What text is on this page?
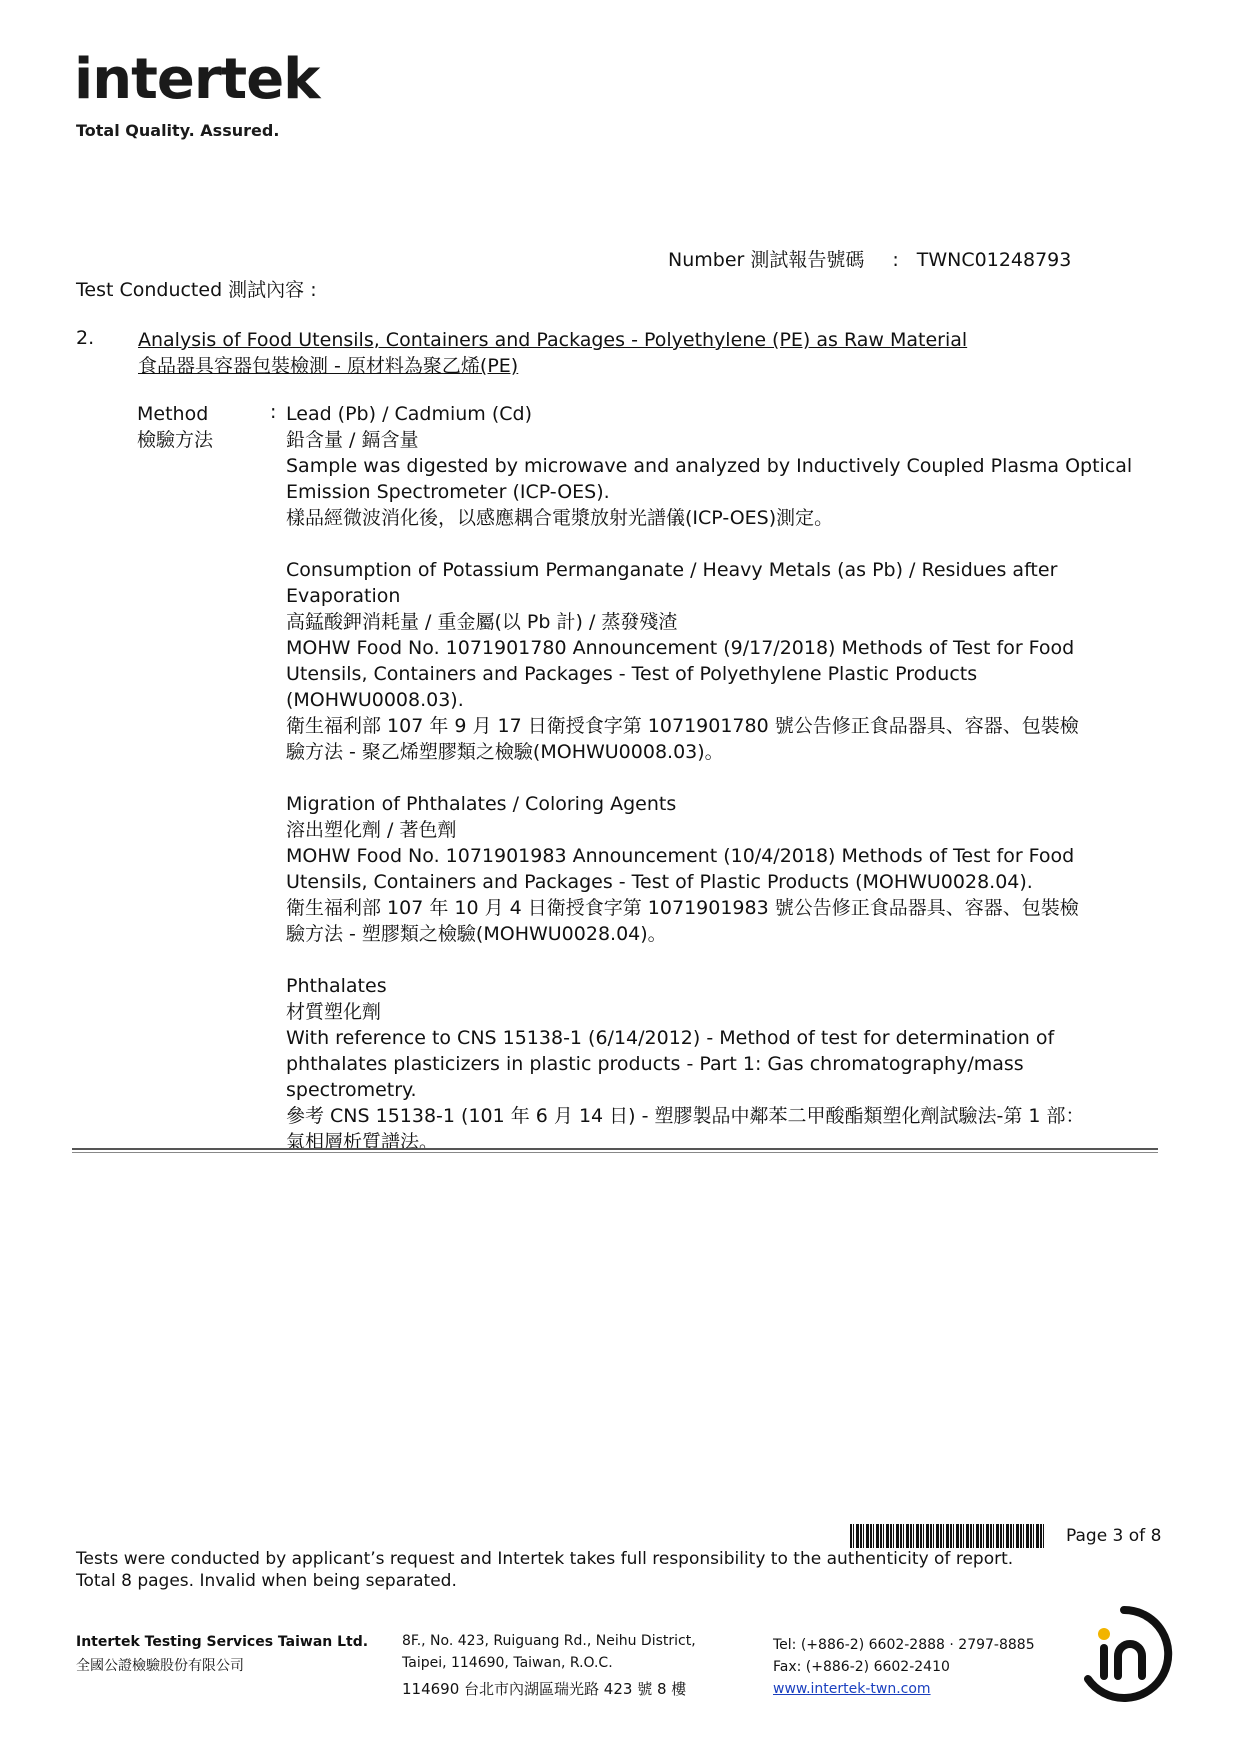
intertek
Total Quality. Assured.
Number 測試報告號碼 : TWNC01248793
Test Conducted 測試內容 :
2. Analysis of Food Utensils, Containers and Packages - Polyethylene (PE) as Raw Material
食品器具容器包裝檢測 - 原材料為聚乙烯(PE)
Method
檢驗方法
: Lead (Pb) / Cadmium (Cd)
鉛含量 / 鎘含量
Sample was digested by microwave and analyzed by Inductively Coupled Plasma Optical
Emission Spectrometer (ICP-OES).
樣品經微波消化後，以感應耦合電漿放射光譜儀(ICP-OES)測定。

Consumption of Potassium Permanganate / Heavy Metals (as Pb) / Residues after
Evaporation
高錳酸鉀消耗量 / 重金屬(以 Pb 計) / 蒸發殘渣
MOHW Food No. 1071901780 Announcement (9/17/2018) Methods of Test for Food
Utensils, Containers and Packages - Test of Polyethylene Plastic Products
(MOHWU0008.03).
衛生福利部 107 年 9 月 17 日衛授食字第 1071901780 號公告修正食品器具、容器、包裝檢
驗方法 - 聚乙烯塑膠類之檢驗(MOHWU0008.03)。

Migration of Phthalates / Coloring Agents
溶出塑化劑 / 著色劑
MOHW Food No. 1071901983 Announcement (10/4/2018) Methods of Test for Food
Utensils, Containers and Packages - Test of Plastic Products (MOHWU0028.04).
衛生福利部 107 年 10 月 4 日衛授食字第 1071901983 號公告修正食品器具、容器、包裝檢
驗方法 - 塑膠類之檢驗(MOHWU0028.04)。

Phthalates
材質塑化劑
With reference to CNS 15138-1 (6/14/2012) - Method of test for determination of
phthalates plasticizers in plastic products - Part 1: Gas chromatography/mass
spectrometry.
參考 CNS 15138-1 (101 年 6 月 14 日) - 塑膠製品中鄰苯二甲酸酯類塑化劑試驗法-第 1 部：
氣相層析質譜法。

Page 3 of 8
Tests were conducted by applicant’s request and Intertek takes full responsibility to the authenticity of report.
Total 8 pages. Invalid when being separated.
Intertek Testing Services Taiwan Ltd.
全國公證檢驗股份有限公司
8F., No. 423, Ruiguang Rd., Neihu District,
Taipei, 114690, Taiwan, R.O.C.
114690 台北市內湖區瑞光路 423 號 8 樓
Tel: (+886-2) 6602-2888 · 2797-8885
Fax: (+886-2) 6602-2410
www.intertek-twn.com
